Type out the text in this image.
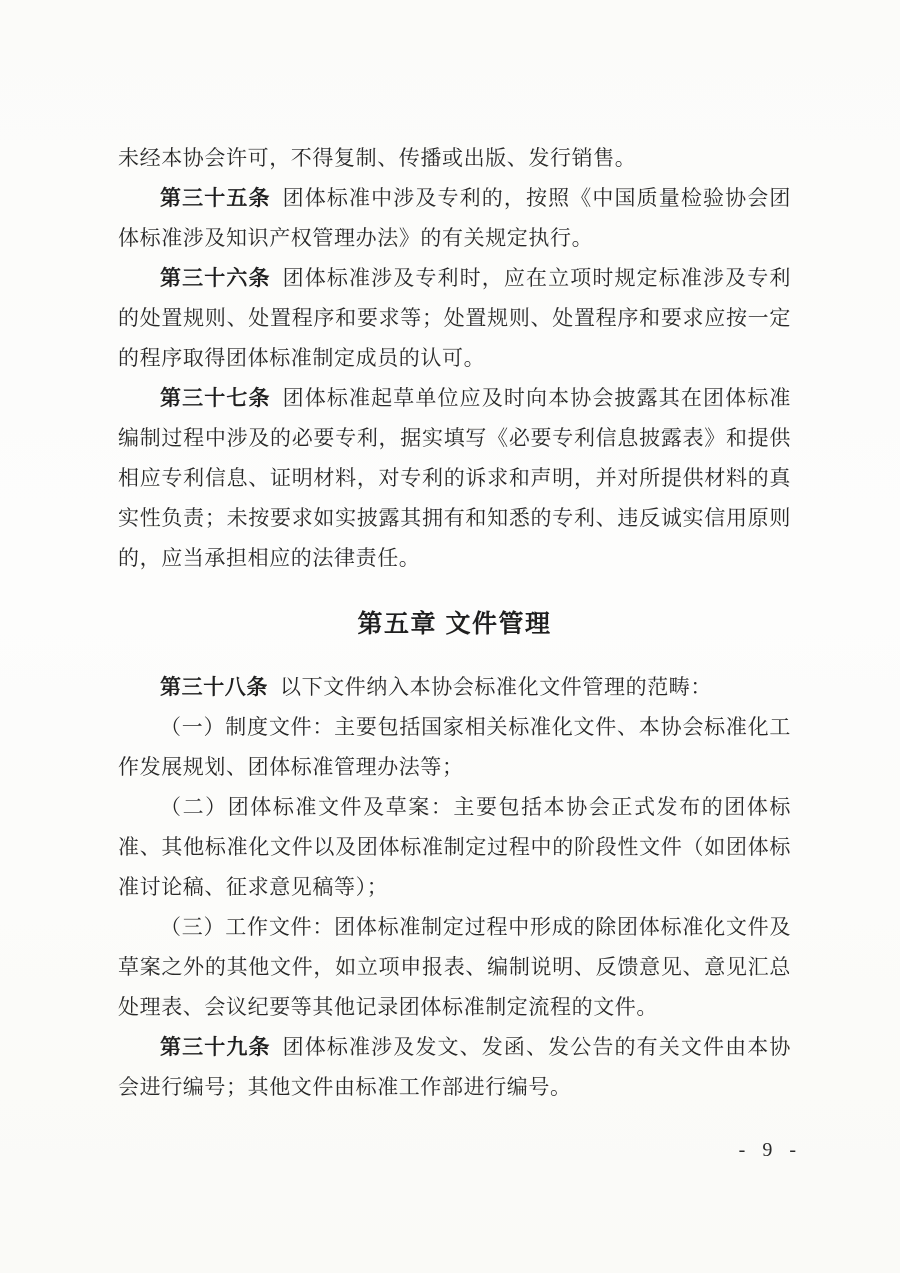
未经本协会许可，不得复制、传播或出版、发行销售。

第三十五条 团体标准中涉及专利的，按照《中国质量检验协会团体标准涉及知识产权管理办法》的有关规定执行。

第三十六条 团体标准涉及专利时，应在立项时规定标准涉及专利的处置规则、处置程序和要求等；处置规则、处置程序和要求应按一定的程序取得团体标准制定成员的认可。

第三十七条 团体标准起草单位应及时向本协会披露其在团体标准编制过程中涉及的必要专利，据实填写《必要专利信息披露表》和提供相应专利信息、证明材料，对专利的诉求和声明，并对所提供材料的真实性负责；未按要求如实披露其拥有和知悉的专利、违反诚实信用原则的，应当承担相应的法律责任。

第五章 文件管理

第三十八条 以下文件纳入本协会标准化文件管理的范畴：

（一）制度文件：主要包括国家相关标准化文件、本协会标准化工作发展规划、团体标准管理办法等；

（二）团体标准文件及草案：主要包括本协会正式发布的团体标准、其他标准化文件以及团体标准制定过程中的阶段性文件（如团体标准讨论稿、征求意见稿等）；

（三）工作文件：团体标准制定过程中形成的除团体标准化文件及草案之外的其他文件，如立项申报表、编制说明、反馈意见、意见汇总处理表、会议纪要等其他记录团体标准制定流程的文件。

第三十九条 团体标准涉及发文、发函、发公告的有关文件由本协会进行编号；其他文件由标准工作部进行编号。

- 9 -
